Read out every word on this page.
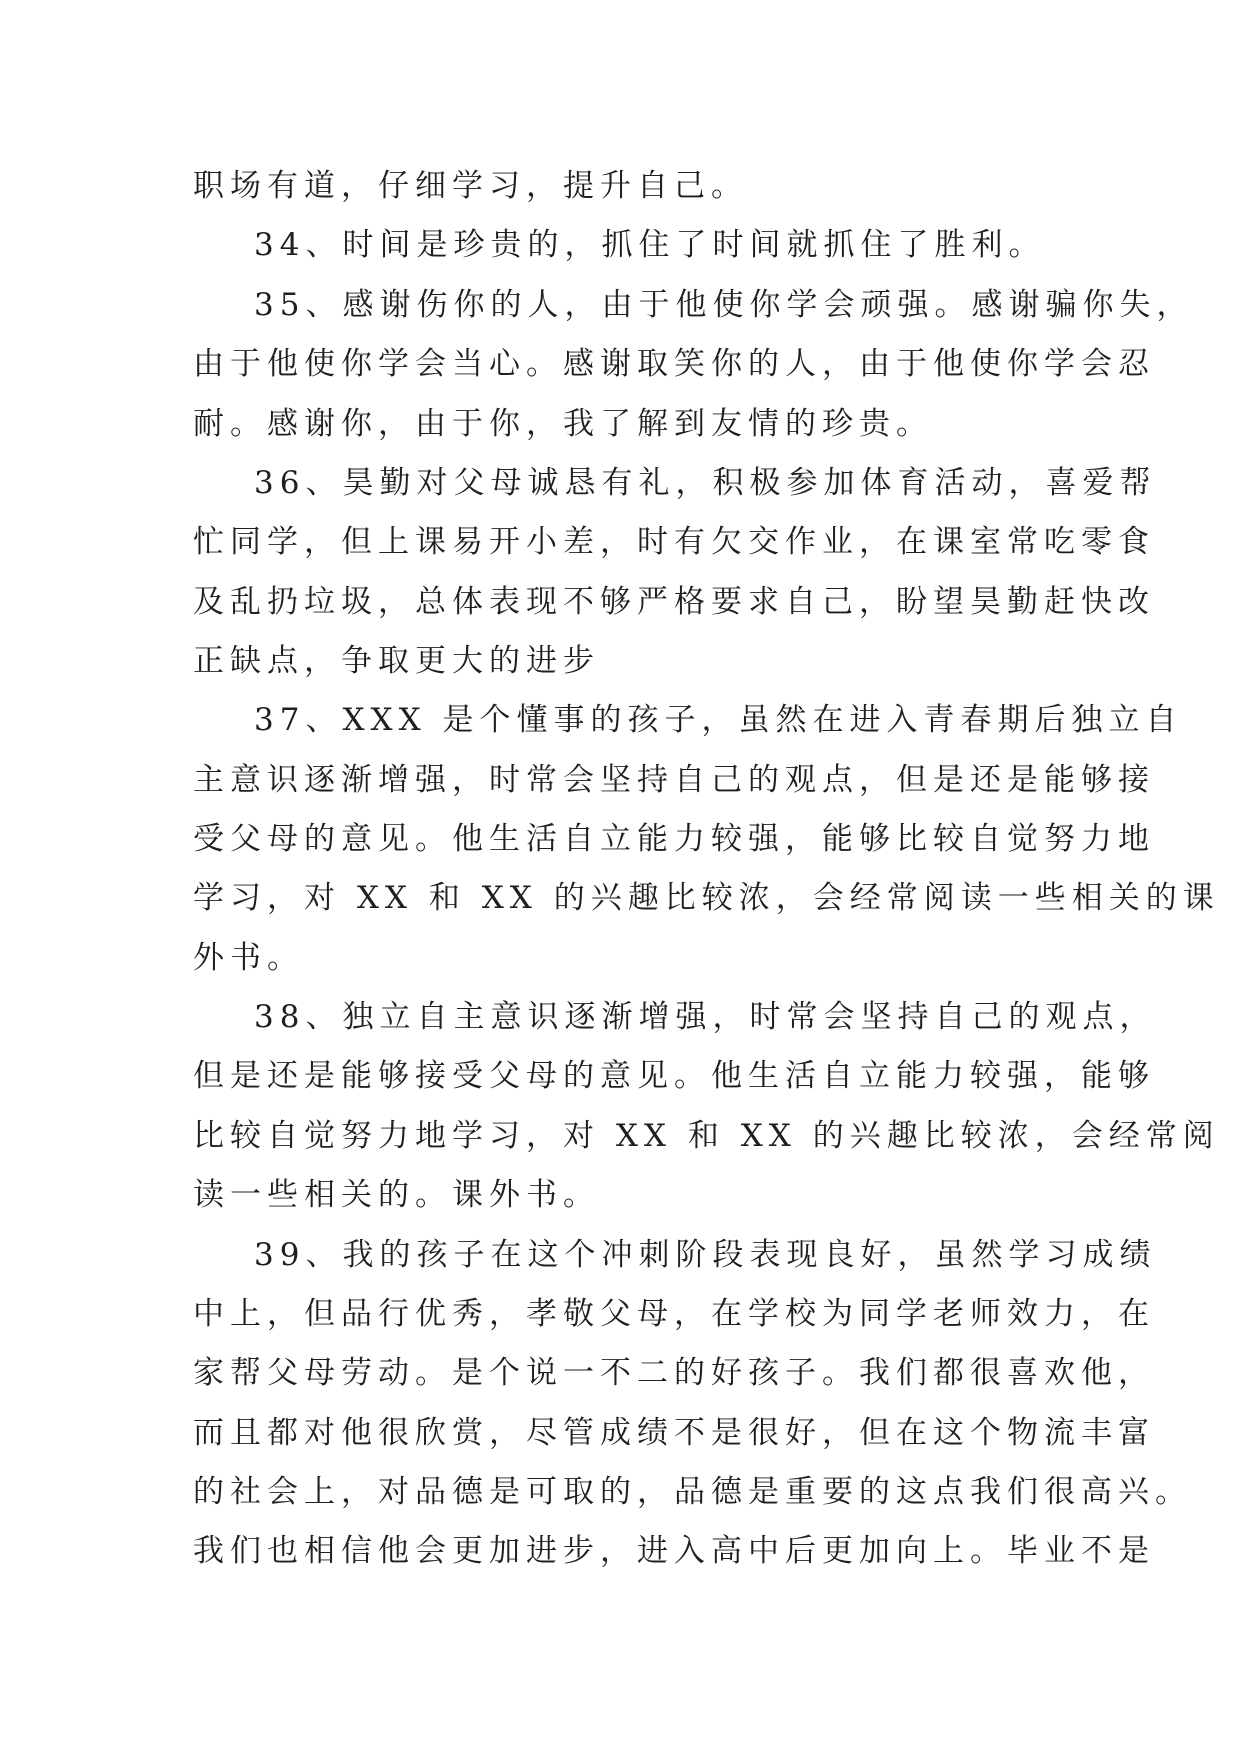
职场有道，仔细学习，提升自己。
34、时间是珍贵的，抓住了时间就抓住了胜利。
35、感谢伤你的人，由于他使你学会顽强。感谢骗你失，
由于他使你学会当心。感谢取笑你的人，由于他使你学会忍
耐。感谢你，由于你，我了解到友情的珍贵。
36、昊勤对父母诚恳有礼，积极参加体育活动，喜爱帮
忙同学，但上课易开小差，时有欠交作业，在课室常吃零食
及乱扔垃圾，总体表现不够严格要求自己，盼望昊勤赶快改
正缺点，争取更大的进步
37、XXX 是个懂事的孩子，虽然在进入青春期后独立自
主意识逐渐增强，时常会坚持自己的观点，但是还是能够接
受父母的意见。他生活自立能力较强，能够比较自觉努力地
学习，对 XX 和 XX 的兴趣比较浓，会经常阅读一些相关的课
外书。
38、独立自主意识逐渐增强，时常会坚持自己的观点，
但是还是能够接受父母的意见。他生活自立能力较强，能够
比较自觉努力地学习，对 XX 和 XX 的兴趣比较浓，会经常阅
读一些相关的。课外书。
39、我的孩子在这个冲刺阶段表现良好，虽然学习成绩
中上，但品行优秀，孝敬父母，在学校为同学老师效力，在
家帮父母劳动。是个说一不二的好孩子。我们都很喜欢他，
而且都对他很欣赏，尽管成绩不是很好，但在这个物流丰富
的社会上，对品德是可取的，品德是重要的这点我们很高兴。
我们也相信他会更加进步，进入高中后更加向上。毕业不是
